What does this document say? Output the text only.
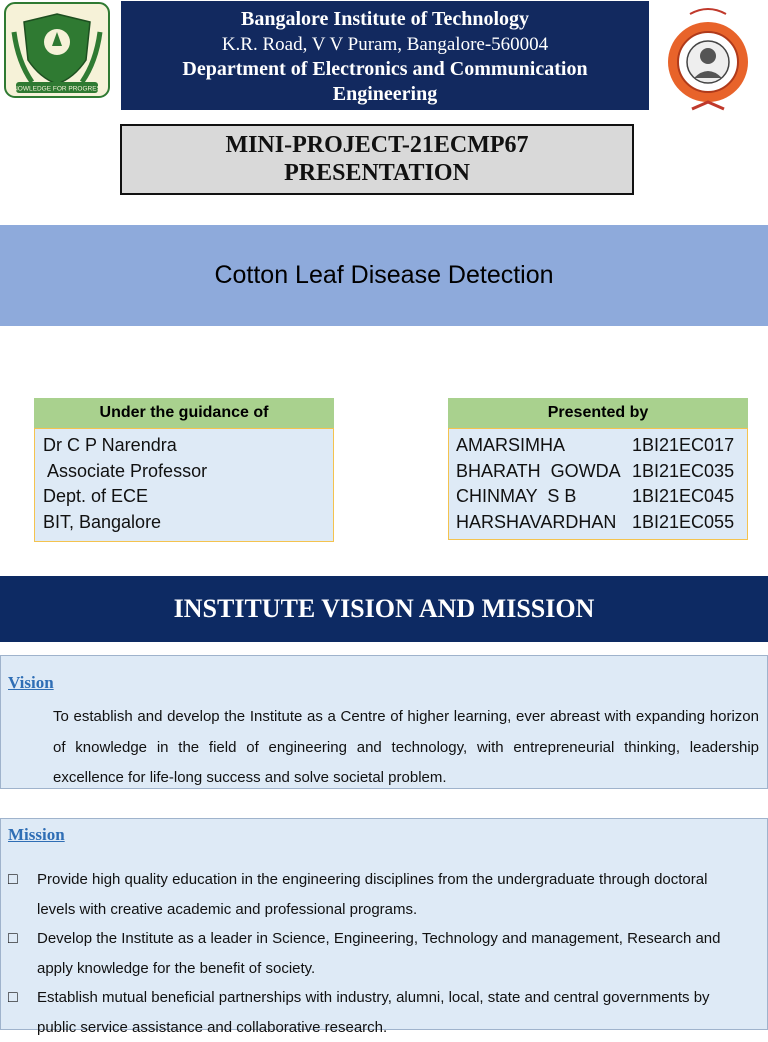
KNOWLEDGE FOR PROGRESS
Bangalore Institute of Technology
K.R. Road, V V Puram, Bangalore-560004
Department of Electronics and Communication
Engineering
MINI-PROJECT-21ECMP67
PRESENTATION
Cotton Leaf Disease Detection
Under the guidance of
Dr C P Narendra
Associate Professor
Dept. of ECE
BIT, Bangalore
Presented by
AMARSIMHA	1BI21EC017
BHARATH  GOWDA 1BI21EC035
CHINMAY  S B	1BI21EC045
HARSHAVARDHAN 1BI21EC055
INSTITUTE VISION AND MISSION
Vision
To establish and develop the Institute as a Centre of higher learning, ever abreast with expanding horizon of knowledge in the field of engineering and technology, with entrepreneurial thinking, leadership excellence for life-long success and solve societal problem.
Mission
□	Provide high quality education in the engineering disciplines from the undergraduate through doctoral levels with creative academic and professional programs.
□	Develop the Institute as a leader in Science, Engineering, Technology and management, Research and apply knowledge for the benefit of society.
□	Establish mutual beneficial partnerships with industry, alumni, local, state and central governments by public service assistance and collaborative research.
